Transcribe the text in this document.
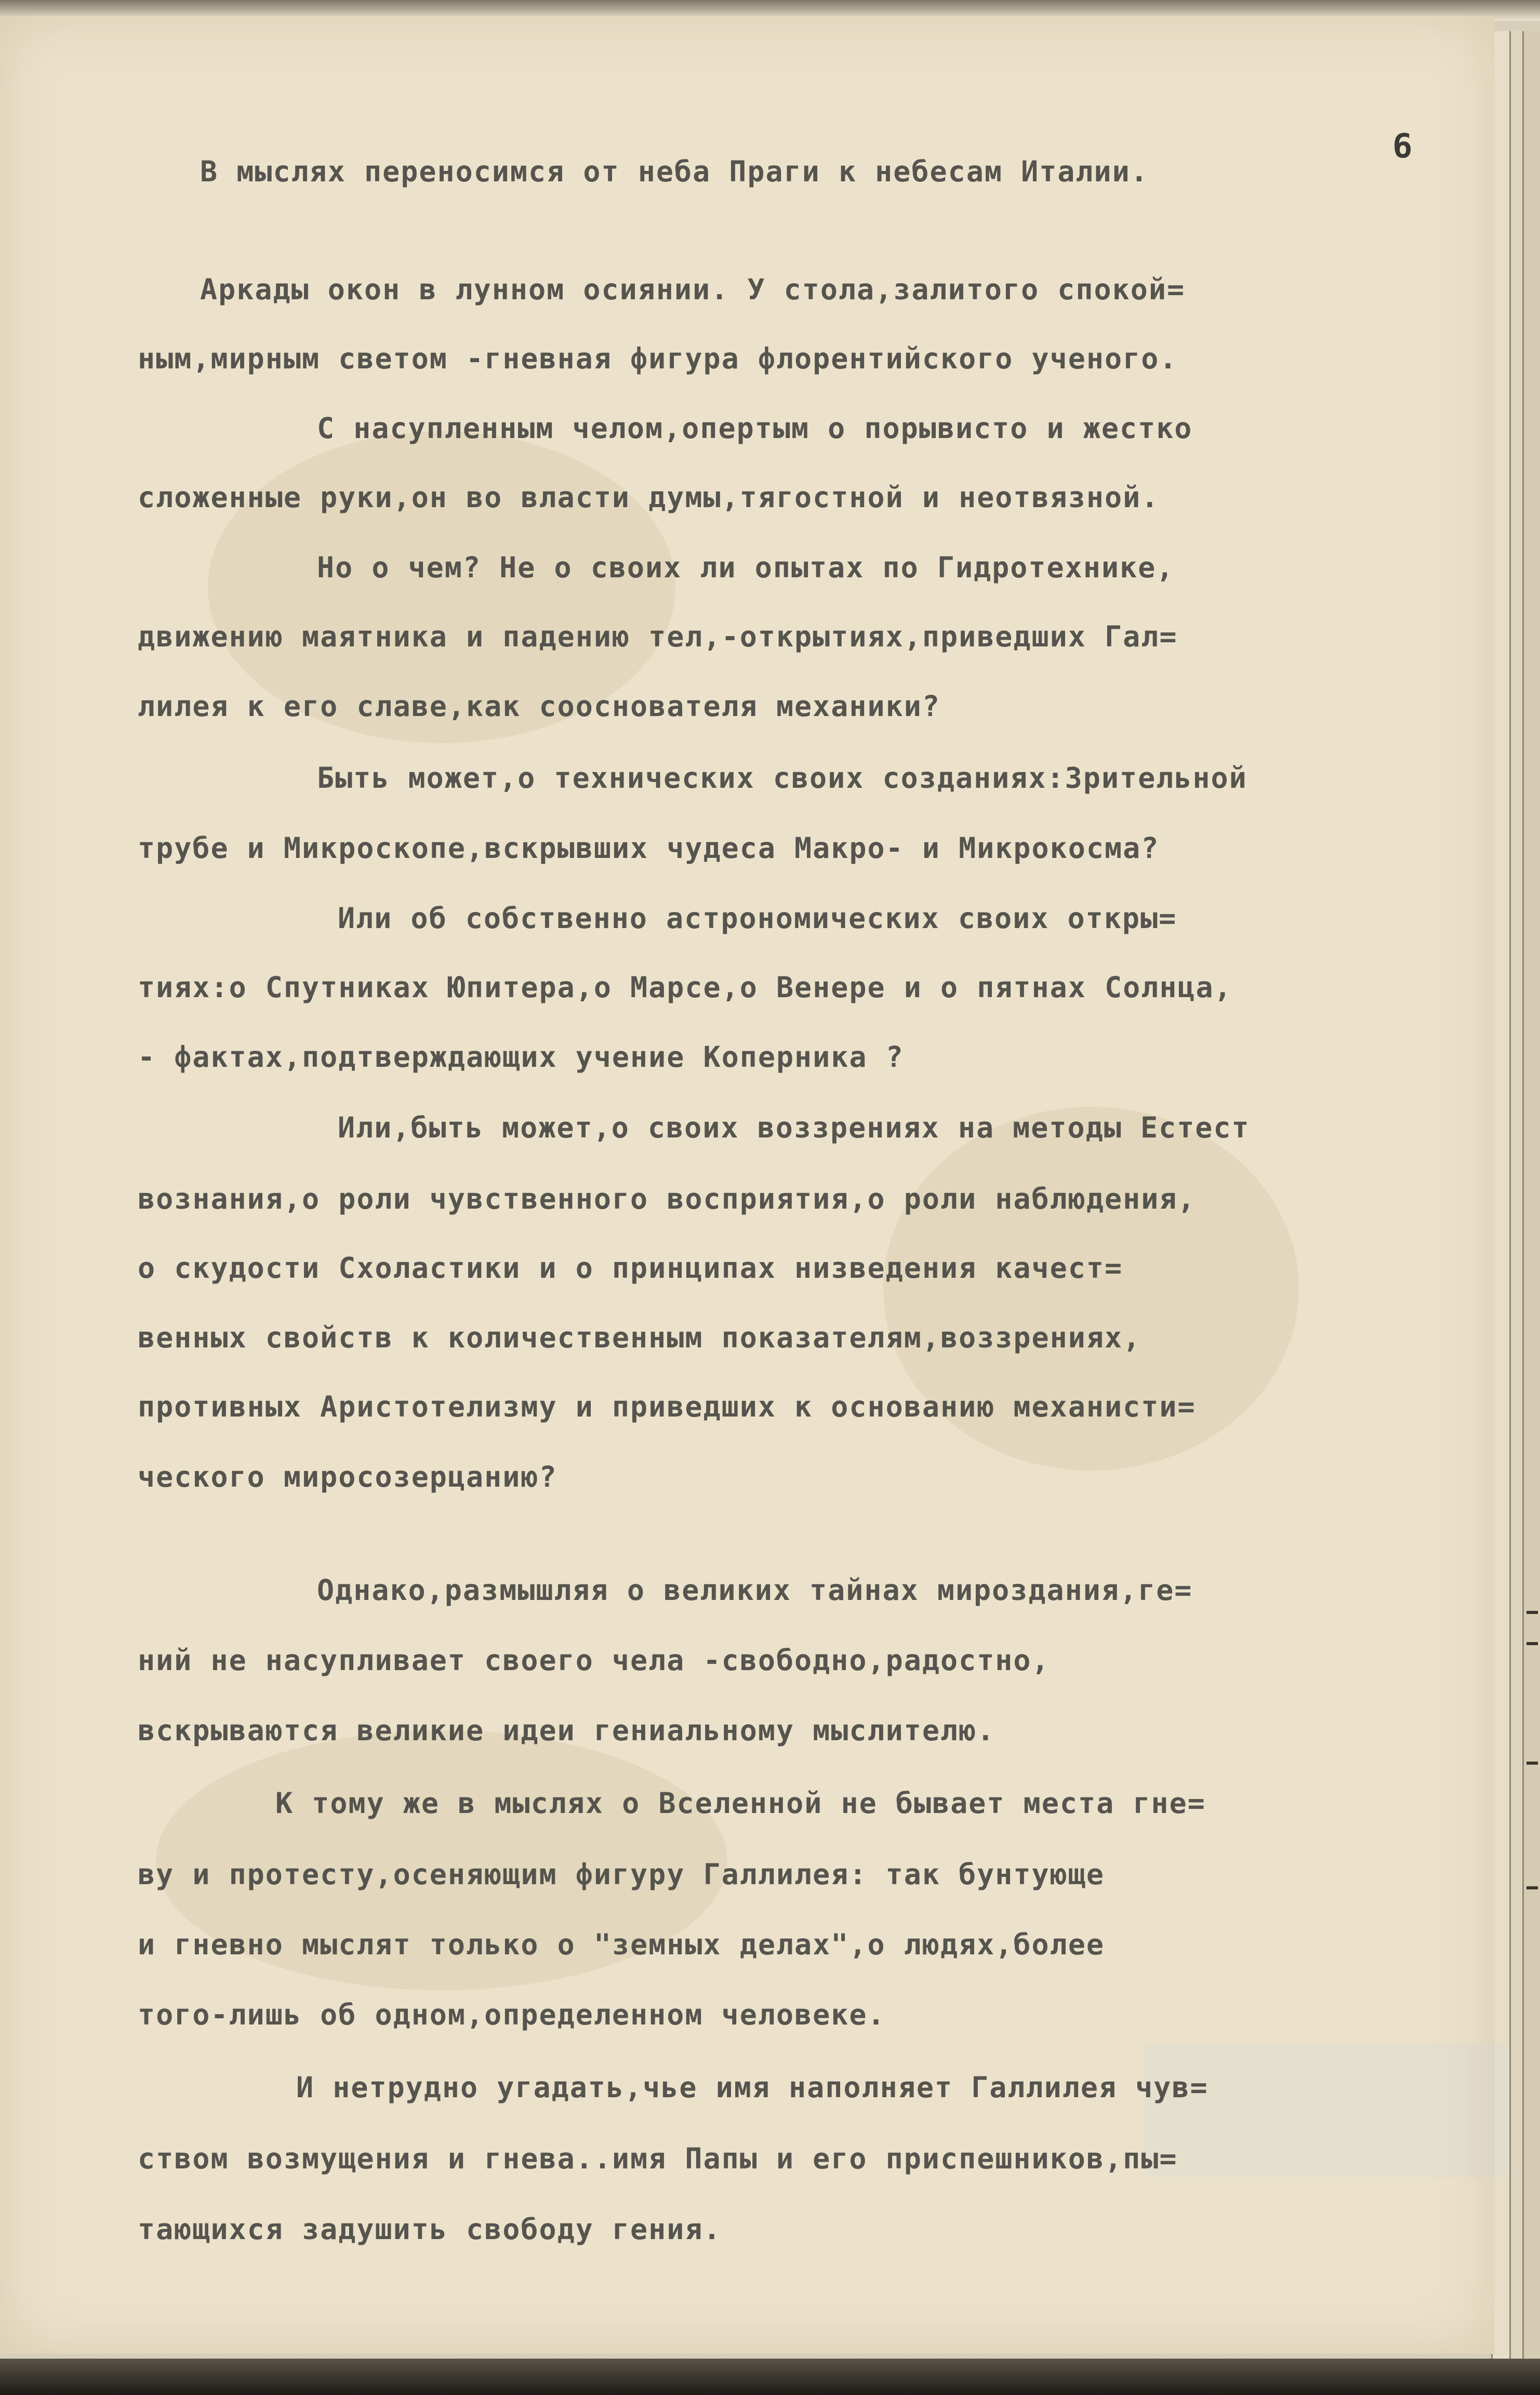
6
В мыслях переносимся от неба Праги к небесам Италии.
Аркады окон в лунном осиянии. У стола,залитого спокой=
ным,мирным светом -гневная фигура флорентийского ученого.
С насупленным челом,опертым о порывисто и жестко
сложенные руки,он во власти думы,тягостной и неотвязной.
Но о чем? Не о своих ли опытах по Гидротехнике,
движению маятника и падению тел,-открытиях,приведших Гал=
лилея к его славе,как сооснователя механики?
Быть может,о технических своих созданиях:Зрительной
трубе и Микроскопе,вскрывших чудеса Макро- и Микрокосма?
Или об собственно астрономических своих откры=
тиях:о Спутниках Юпитера,о Марсе,о Венере и о пятнах Солнца,
- фактах,подтверждающих учение Коперника ?
Или,быть может,о своих воззрениях на методы Естест
вознания,о роли чувственного восприятия,о роли наблюдения,
о скудости Схоластики и о принципах низведения качест=
венных свойств к количественным показателям,воззрениях,
противных Аристотелизму и приведших к основанию механисти=
ческого миросозерцанию?
Однако,размышляя о великих тайнах мироздания,ге=
ний не насупливает своего чела -свободно,радостно,
вскрываются великие идеи гениальному мыслителю.
К тому же в мыслях о Вселенной не бывает места гне=
ву и протесту,осеняющим фигуру Галлилея: так бунтующе
и гневно мыслят только о "земных делах",о людях,более
того-лишь об одном,определенном человеке.
И нетрудно угадать,чье имя наполняет Галлилея чув=
ством возмущения и гнева..имя Папы и его приспешников,пы=
тающихся задушить свободу гения.
